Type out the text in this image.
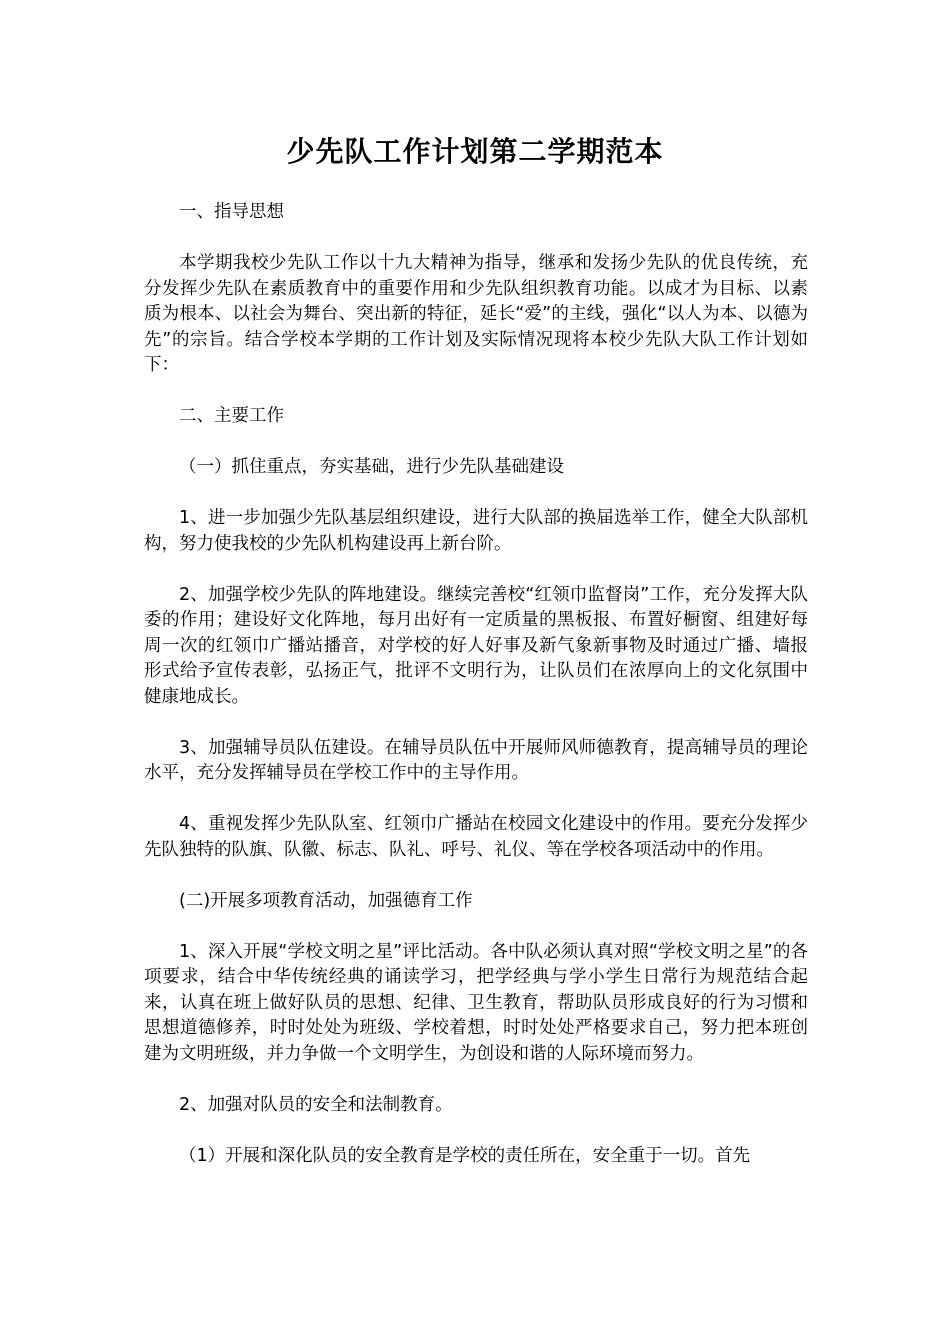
少先队工作计划第二学期范本

一、指导思想

本学期我校少先队工作以十九大精神为指导，继承和发扬少先队的优良传统，充分发挥少先队在素质教育中的重要作用和少先队组织教育功能。以成才为目标、以素质为根本、以社会为舞台、突出新的特征，延长“爱”的主线，强化“以人为本、以德为先”的宗旨。结合学校本学期的工作计划及实际情况现将本校少先队大队工作计划如下：

二、主要工作

（一）抓住重点，夯实基础，进行少先队基础建设

1、进一步加强少先队基层组织建设，进行大队部的换届选举工作，健全大队部机构，努力使我校的少先队机构建设再上新台阶。

2、加强学校少先队的阵地建设。继续完善校“红领巾监督岗”工作，充分发挥大队委的作用；建设好文化阵地，每月出好有一定质量的黑板报、布置好橱窗、组建好每周一次的红领巾广播站播音，对学校的好人好事及新气象新事物及时通过广播、墙报形式给予宣传表彰，弘扬正气，批评不文明行为，让队员们在浓厚向上的文化氛围中健康地成长。

3、加强辅导员队伍建设。在辅导员队伍中开展师风师德教育，提高辅导员的理论水平，充分发挥辅导员在学校工作中的主导作用。

4、重视发挥少先队队室、红领巾广播站在校园文化建设中的作用。要充分发挥少先队独特的队旗、队徽、标志、队礼、呼号、礼仪、等在学校各项活动中的作用。

(二)开展多项教育活动，加强德育工作

1、深入开展“学校文明之星”评比活动。各中队必须认真对照“学校文明之星”的各项要求，结合中华传统经典的诵读学习，把学经典与学小学生日常行为规范结合起来，认真在班上做好队员的思想、纪律、卫生教育，帮助队员形成良好的行为习惯和思想道德修养，时时处处为班级、学校着想，时时处处严格要求自己，努力把本班创建为文明班级，并力争做一个文明学生，为创设和谐的人际环境而努力。

2、加强对队员的安全和法制教育。

（1）开展和深化队员的安全教育是学校的责任所在，安全重于一切。首先
